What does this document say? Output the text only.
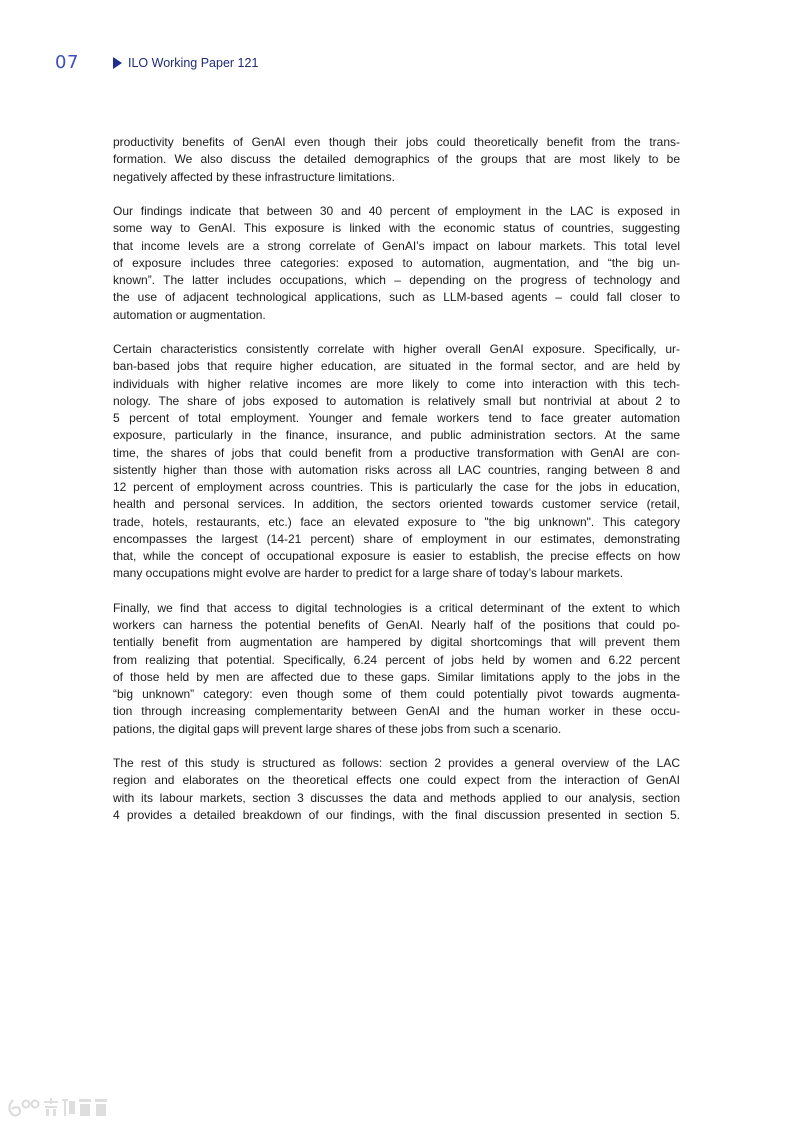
07	ILO Working Paper 121
productivity benefits of GenAI even though their jobs could theoretically benefit from the trans-
formation. We also discuss the detailed demographics of the groups that are most likely to be
negatively affected by these infrastructure limitations.
Our findings indicate that between 30 and 40 percent of employment in the LAC is exposed in
some way to GenAI. This exposure is linked with the economic status of countries, suggesting
that income levels are a strong correlate of GenAI’s impact on labour markets. This total level
of exposure includes three categories: exposed to automation, augmentation, and “the big un-
known”. The latter includes occupations, which – depending on the progress of technology and
the use of adjacent technological applications, such as LLM-based agents – could fall closer to
automation or augmentation.
Certain characteristics consistently correlate with higher overall GenAI exposure. Specifically, ur-
ban-based jobs that require higher education, are situated in the formal sector, and are held by
individuals with higher relative incomes are more likely to come into interaction with this tech-
nology. The share of jobs exposed to automation is relatively small but nontrivial at about 2 to
5 percent of total employment. Younger and female workers tend to face greater automation
exposure, particularly in the finance, insurance, and public administration sectors. At the same
time, the shares of jobs that could benefit from a productive transformation with GenAI are con-
sistently higher than those with automation risks across all LAC countries, ranging between 8 and
12 percent of employment across countries. This is particularly the case for the jobs in education,
health and personal services. In addition, the sectors oriented towards customer service (retail,
trade, hotels, restaurants, etc.) face an elevated exposure to "the big unknown". This category
encompasses the largest (14-21 percent) share of employment in our estimates, demonstrating
that, while the concept of occupational exposure is easier to establish, the precise effects on how
many occupations might evolve are harder to predict for a large share of today’s labour markets.
Finally, we find that access to digital technologies is a critical determinant of the extent to which
workers can harness the potential benefits of GenAI. Nearly half of the positions that could po-
tentially benefit from augmentation are hampered by digital shortcomings that will prevent them
from realizing that potential. Specifically, 6.24 percent of jobs held by women and 6.22 percent
of those held by men are affected due to these gaps. Similar limitations apply to the jobs in the
“big unknown” category: even though some of them could potentially pivot towards augmenta-
tion through increasing complementarity between GenAI and the human worker in these occu-
pations, the digital gaps will prevent large shares of these jobs from such a scenario.
The rest of this study is structured as follows: section 2 provides a general overview of the LAC
region and elaborates on the theoretical effects one could expect from the interaction of GenAI
with its labour markets, section 3 discusses the data and methods applied to our analysis, section
4 provides a detailed breakdown of our findings, with the final discussion presented in section 5.
